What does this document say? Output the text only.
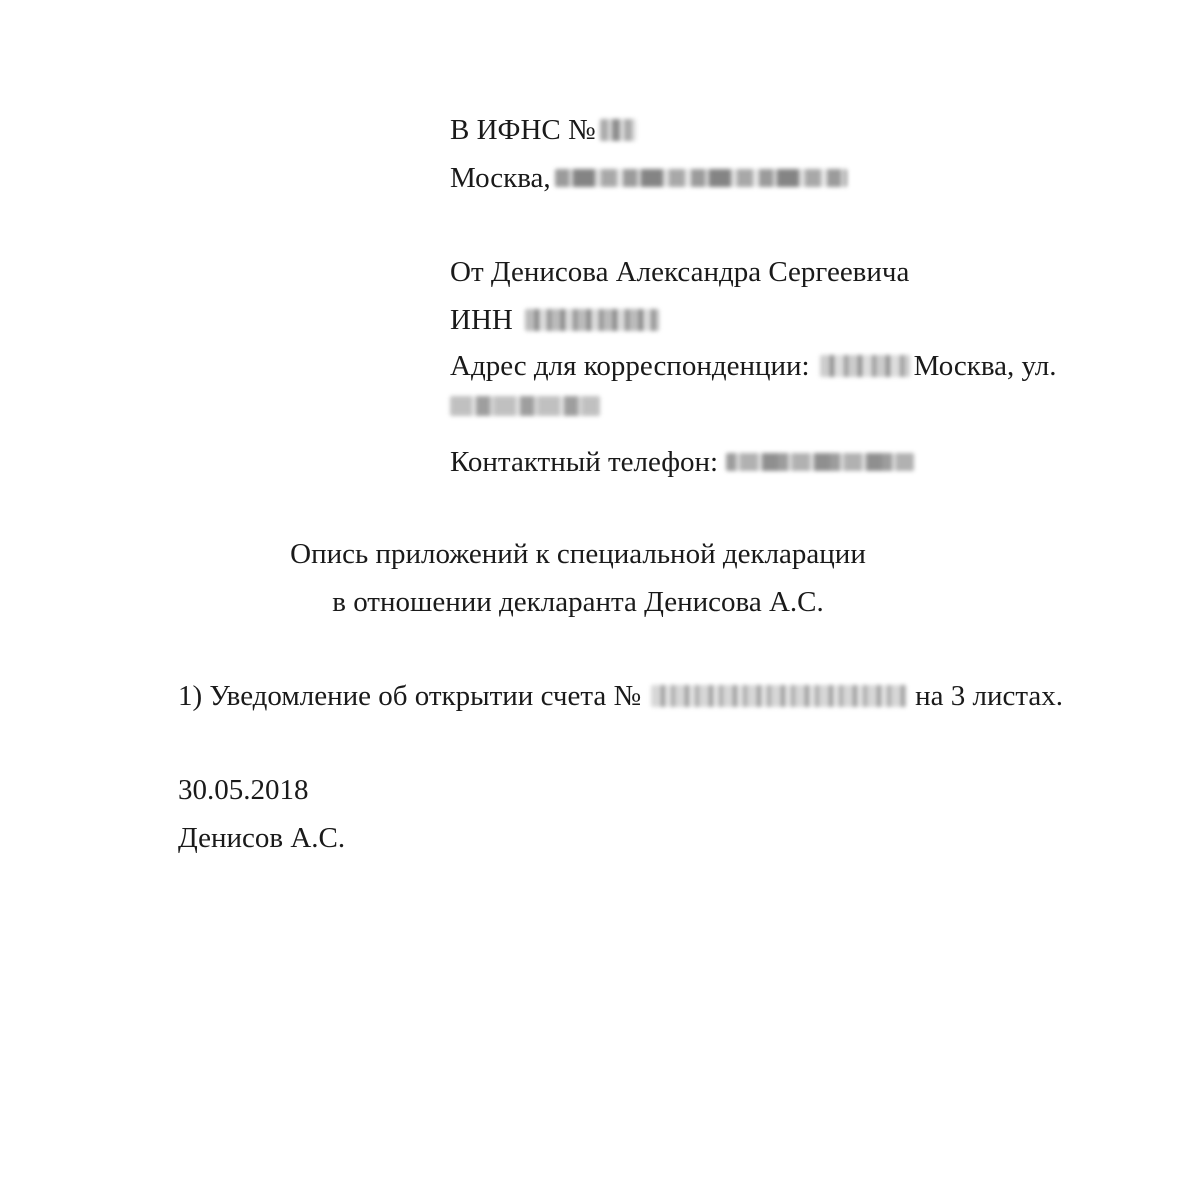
В ИФНС №
Москва,
От Денисова Александра Сергеевича
ИНН
Адрес для корреспонденции:	Москва, ул.
Контактный телефон:
Опись приложений к специальной декларации
в отношении декларанта Денисова А.С.
1) Уведомление об открытии счета №	на 3 листах.
30.05.2018
Денисов А.С.
